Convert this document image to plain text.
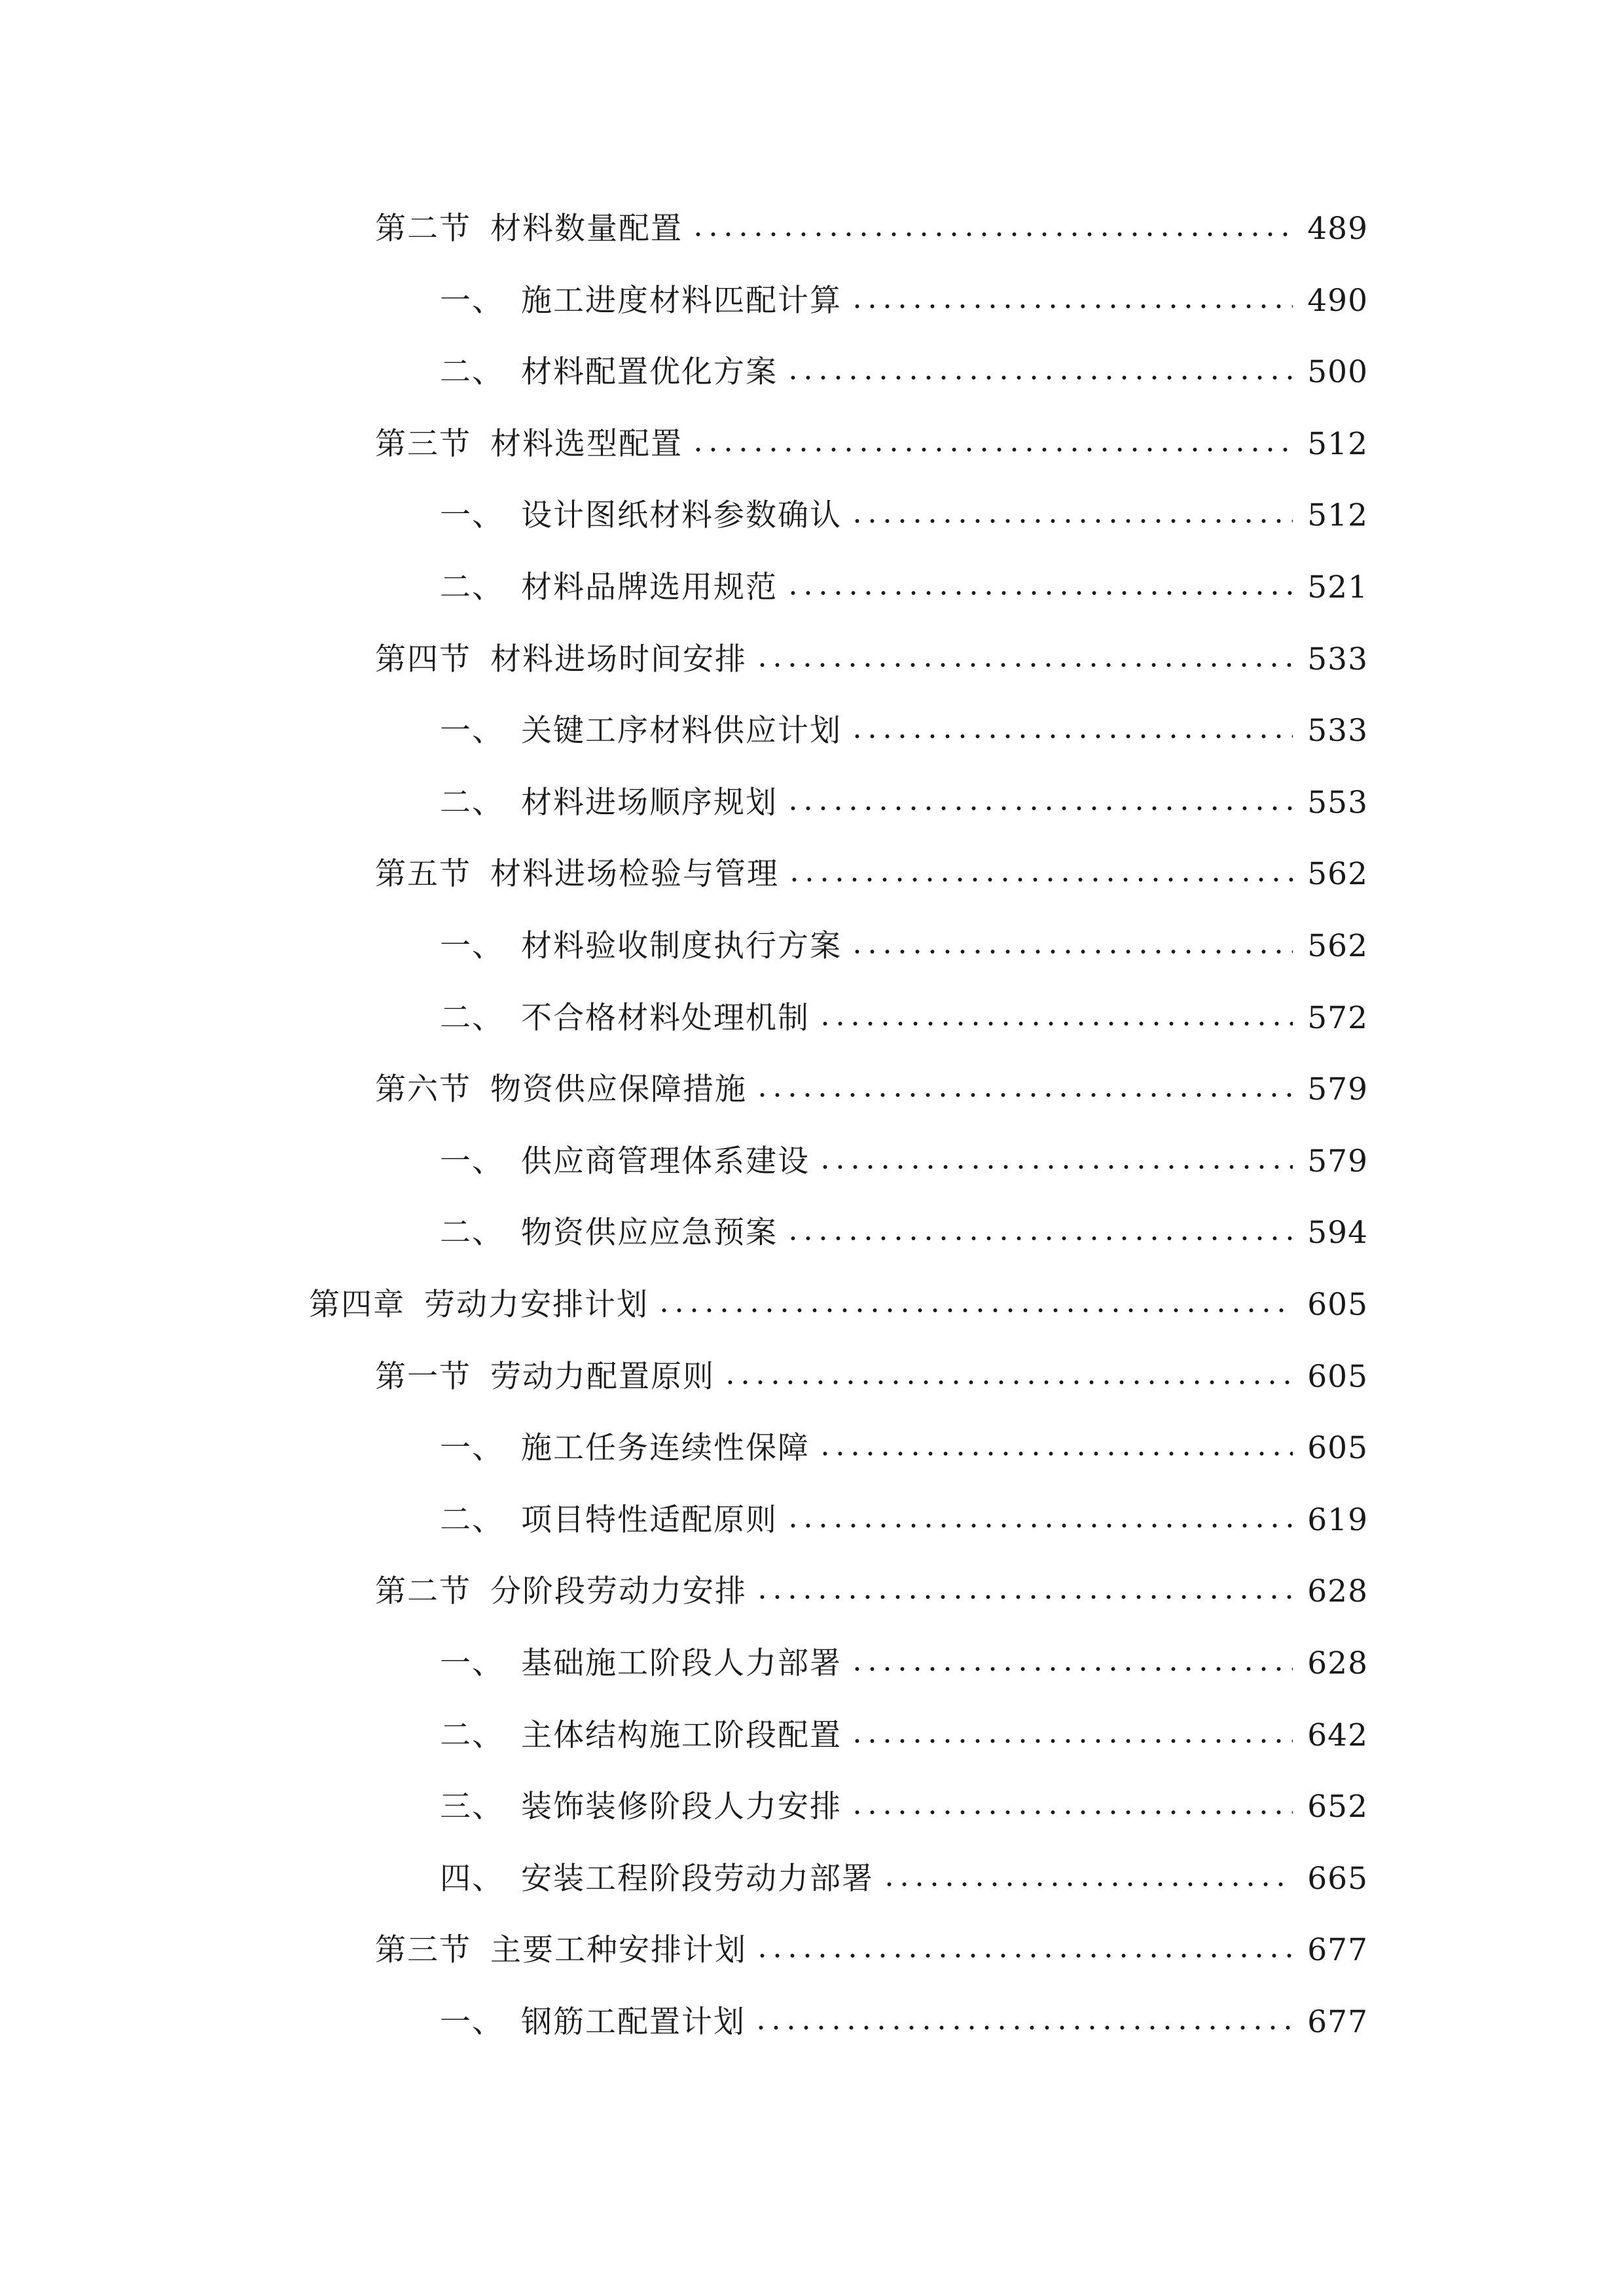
第二节 材料数量配置	489
一、 施工进度材料匹配计算	490
二、 材料配置优化方案	500
第三节 材料选型配置	512
一、 设计图纸材料参数确认	512
二、 材料品牌选用规范	521
第四节 材料进场时间安排	533
一、 关键工序材料供应计划	533
二、 材料进场顺序规划	553
第五节 材料进场检验与管理	562
一、 材料验收制度执行方案	562
二、 不合格材料处理机制	572
第六节 物资供应保障措施	579
一、 供应商管理体系建设	579
二、 物资供应应急预案	594
第四章 劳动力安排计划	605
第一节 劳动力配置原则	605
一、 施工任务连续性保障	605
二、 项目特性适配原则	619
第二节 分阶段劳动力安排	628
一、 基础施工阶段人力部署	628
二、 主体结构施工阶段配置	642
三、 装饰装修阶段人力安排	652
四、 安装工程阶段劳动力部署	665
第三节 主要工种安排计划	677
一、 钢筋工配置计划	677
